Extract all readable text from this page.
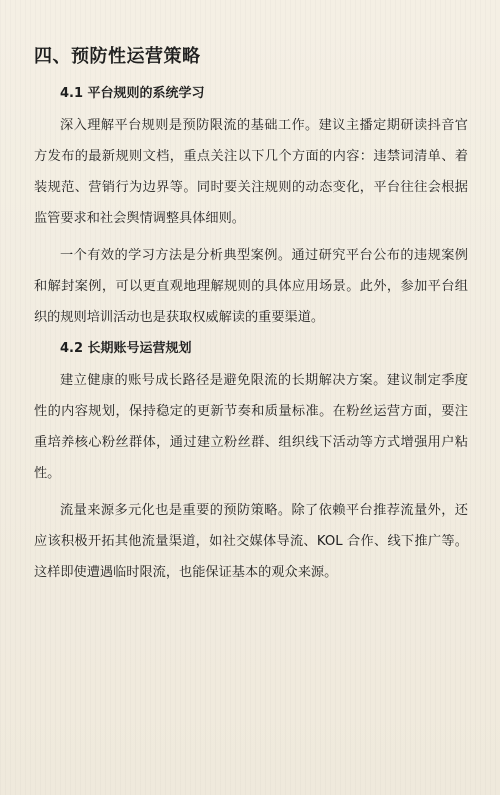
四、预防性运营策略
4.1 平台规则的系统学习

深入理解平台规则是预防限流的基础工作。建议主播定期研读抖音官方发布的最新规则文档，重点关注以下几个方面的内容：违禁词清单、着装规范、营销行为边界等。同时要关注规则的动态变化，平台往往会根据监管要求和社会舆情调整具体细则。

一个有效的学习方法是分析典型案例。通过研究平台公布的违规案例和解封案例，可以更直观地理解规则的具体应用场景。此外，参加平台组织的规则培训活动也是获取权威解读的重要渠道。

4.2 长期账号运营规划

建立健康的账号成长路径是避免限流的长期解决方案。建议制定季度性的内容规划，保持稳定的更新节奏和质量标准。在粉丝运营方面，要注重培养核心粉丝群体，通过建立粉丝群、组织线下活动等方式增强用户粘性。

流量来源多元化也是重要的预防策略。除了依赖平台推荐流量外，还应该积极开拓其他流量渠道，如社交媒体导流、KOL 合作、线下推广等。这样即使遭遇临时限流，也能保证基本的观众来源。
